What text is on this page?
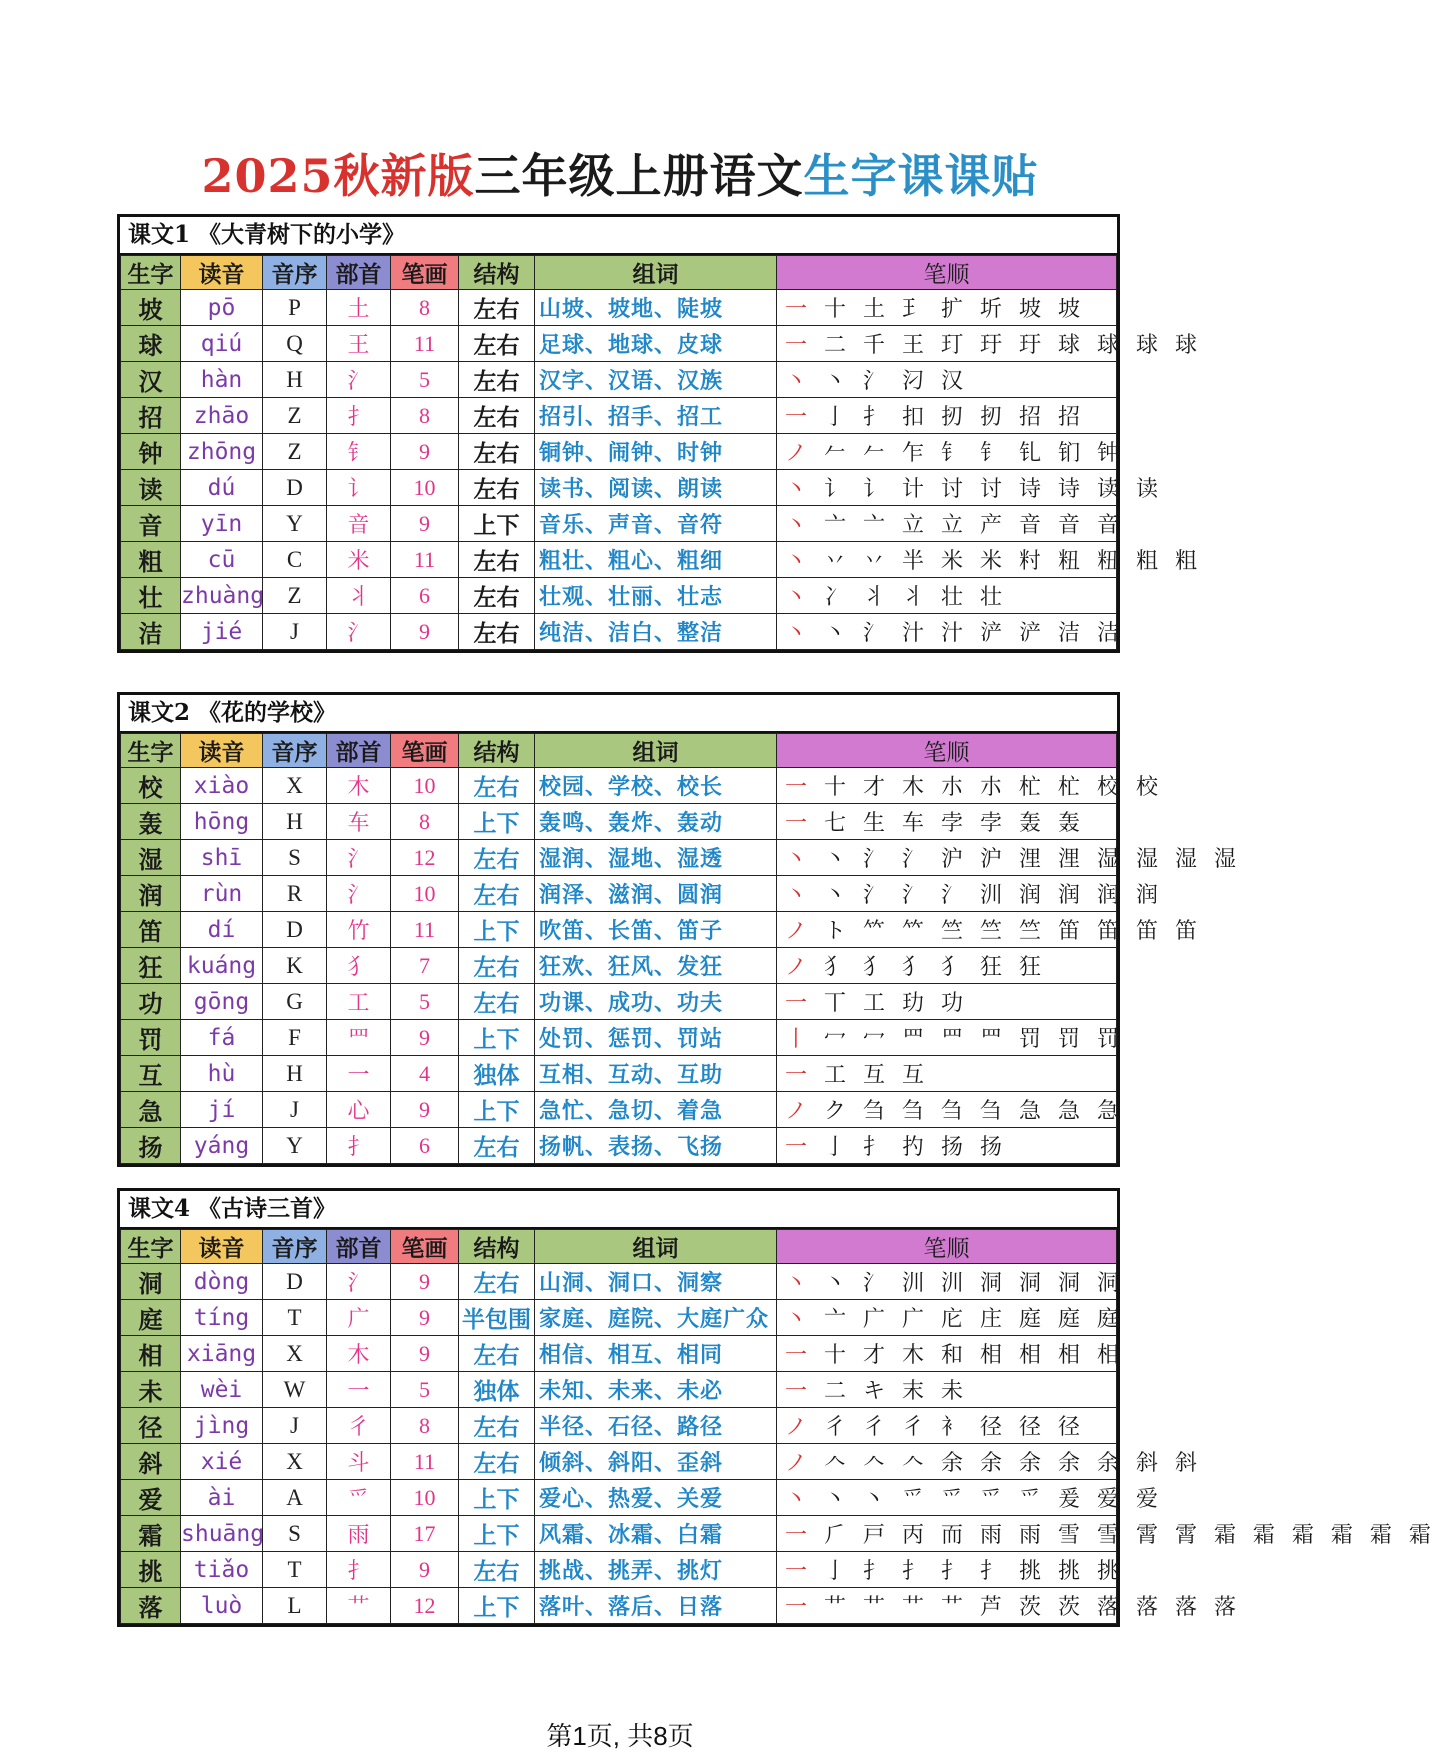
2025秋新版三年级上册语文生字课课贴
课文1 《大青树下的小学》
生字	读音	音序	部首	笔画	结构	组词	笔顺
坡	pō	P	土	8	左右	山坡、坡地、陡坡	一 十 土 ⺩ 扩 圻 坡 坡
球	qiú	Q	王	11	左右	足球、地球、皮球	一 二 千 王 玎 玗 玗 球 球 球 球
汉	hàn	H	氵	5	左右	汉字、汉语、汉族	丶 丶 氵 汈 汉
招	zhāo	Z	扌	8	左右	招引、招手、招工	一 亅 扌 扣 扨 扨 招 招
钟	zhōng	Z	钅	9	左右	铜钟、闹钟、时钟	ノ 𠂉 𠂉 乍 钅 钅 钆 钔 钟
读	dú	D	讠	10	左右	读书、阅读、朗读	丶 讠 讠 计 讨 讨 诗 诗 读 读
音	yīn	Y	音	9	上下	音乐、声音、音符	丶 亠 亠 立 立 产 音 音 音
粗	cū	C	米	11	左右	粗壮、粗心、粗细	丶 丷 丷 半 米 米 籿 粈 粈 粗 粗
壮	zhuàng	Z	丬	6	左右	壮观、壮丽、壮志	丶 冫 丬 丬 壮 壮
洁	jié	J	氵	9	左右	纯洁、洁白、整洁	丶 丶 氵 汁 汁 浐 浐 洁 洁
课文2 《花的学校》
生字	读音	音序	部首	笔画	结构	组词	笔顺
校	xiào	X	木	10	左右	校园、学校、校长	一 十 才 木 朩 朩 杧 杧 校 校
轰	hōng	H	车	8	上下	轰鸣、轰炸、轰动	一 七 生 车 孛 孛 轰 轰
湿	shī	S	氵	12	左右	湿润、湿地、湿透	丶 丶 氵 氵 沪 沪 浬 浬 湿 湿 湿 湿
润	rùn	R	氵	10	左右	润泽、滋润、圆润	丶 丶 氵 氵 氵 汌 润 润 润 润
笛	dí	D	竹	11	上下	吹笛、长笛、笛子	ノ ト 𥫗 𥫗 竺 竺 竺 笛 笛 笛 笛
狂	kuáng	K	犭	7	左右	狂欢、狂风、发狂	ノ 犭 犭 犭 犭 狂 狂
功	gōng	G	工	5	左右	功课、成功、功夫	一 丅 工 玏 功
罚	fá	F	罒	9	上下	处罚、惩罚、罚站	丨 冖 冖 罒 罒 罒 罚 罚 罚
互	hù	H	一	4	独体	互相、互动、互助	一 工 互 互
急	jí	J	心	9	上下	急忙、急切、着急	ノ ク 刍 刍 刍 刍 急 急 急
扬	yáng	Y	扌	6	左右	扬帆、表扬、飞扬	一 亅 扌 扚 扬 扬
课文4 《古诗三首》
生字	读音	音序	部首	笔画	结构	组词	笔顺
洞	dòng	D	氵	9	左右	山洞、洞口、洞察	丶 丶 氵 汌 汌 洞 洞 洞 洞
庭	tíng	T	广	9	半包围	家庭、庭院、大庭广众	丶 亠 广 广 庀 庄 庭 庭 庭
相	xiāng	X	木	9	左右	相信、相互、相同	一 十 才 木 和 相 相 相 相
未	wèi	W	一	5	独体	未知、未来、未必	一 二 キ 末 未
径	jìng	J	彳	8	左右	半径、石径、路径	ノ 彳 彳 彳 衤 径 径 径
斜	xié	X	斗	11	左右	倾斜、斜阳、歪斜	ノ 𠆢 𠆢 𠆢 余 余 余 余 余 斜 斜
爱	ài	A	爫	10	上下	爱心、热爱、关爱	丶 丶 丶 爫 爫 爫 爫 爰 爱 爱
霜	shuāng	S	雨	17	上下	风霜、冰霜、白霜	一 ⺁ 戸 丙 而 雨 雨 雪 雪 霄 霄 霜 霜 霜 霜 霜 霜
挑	tiǎo	T	扌	9	左右	挑战、挑弄、挑灯	一 亅 扌 扌 扌 扌 挑 挑 挑
落	luò	L	艹	12	上下	落叶、落后、日落	一 艹 艹 艹 艹 芦 茨 茨 落 落 落 落
第1页, 共8页
